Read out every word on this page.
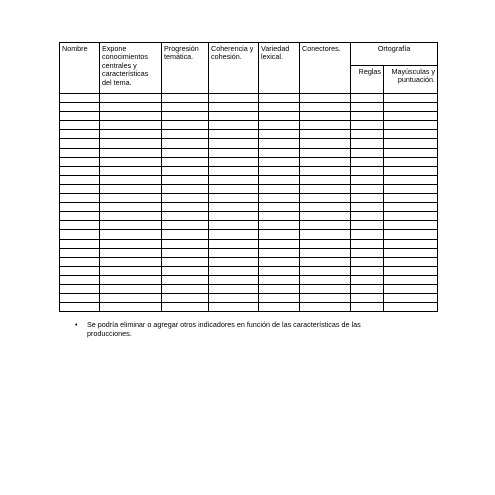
Nombre	Expone conocimientos centrales y características del tema.	Progresión temática.	Coherencia y cohesión.	Variedad lexical.	Conectores.	Ortografía	
						Reglas	Mayúsculas y puntuación.

• Se podría eliminar o agregar otros indicadores en función de las características de las producciones.
